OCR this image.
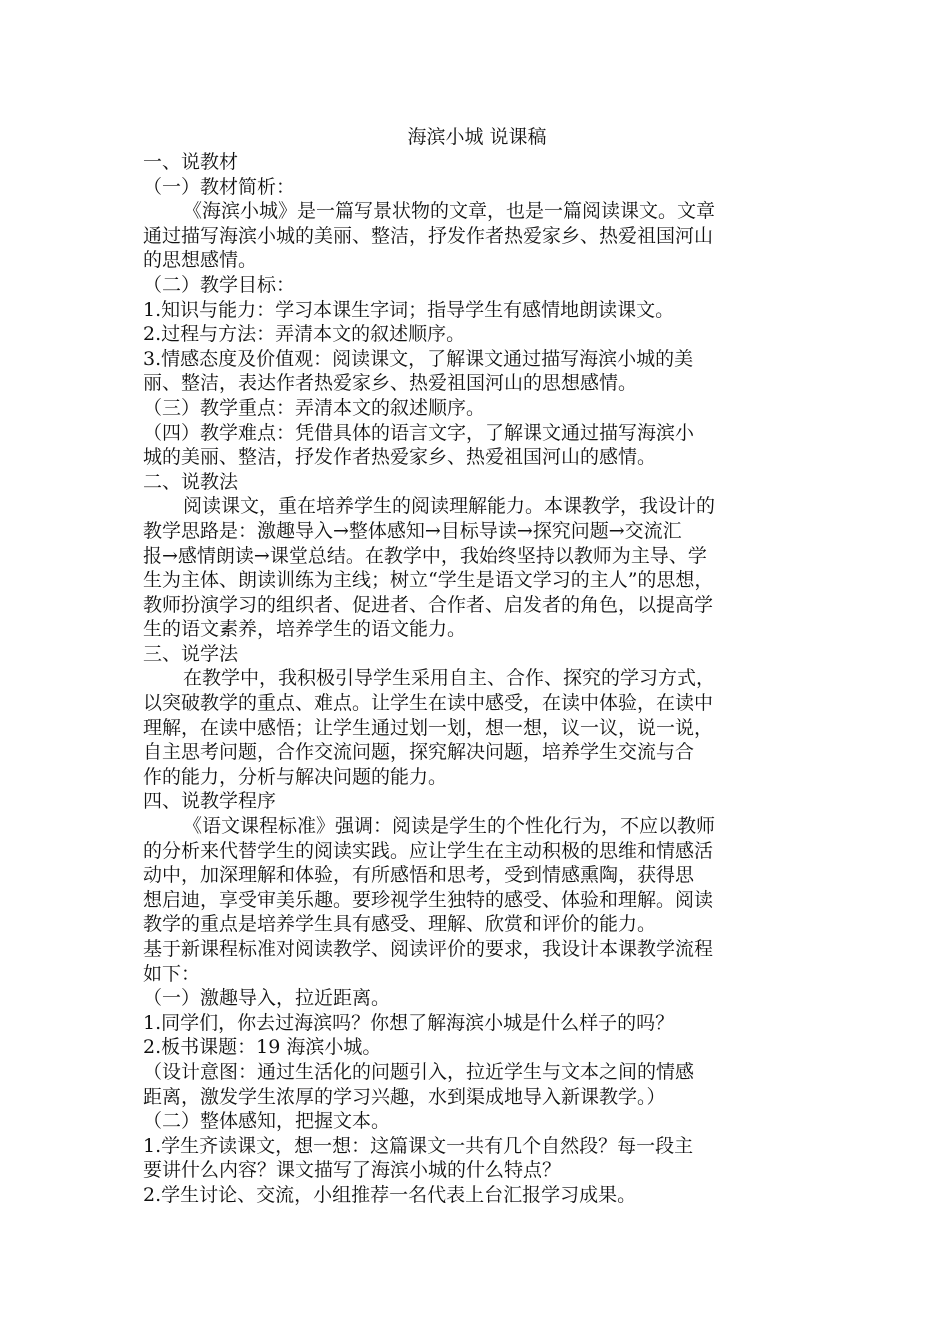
海滨小城 说课稿
一、说教材
（一）教材简析：
《海滨小城》是一篇写景状物的文章，也是一篇阅读课文。文章
通过描写海滨小城的美丽、整洁，抒发作者热爱家乡、热爱祖国河山
的思想感情。
（二）教学目标：
1.知识与能力：学习本课生字词；指导学生有感情地朗读课文。
2.过程与方法：弄清本文的叙述顺序。
3.情感态度及价值观：阅读课文，了解课文通过描写海滨小城的美
丽、整洁，表达作者热爱家乡、热爱祖国河山的思想感情。
（三）教学重点：弄清本文的叙述顺序。
（四）教学难点：凭借具体的语言文字，了解课文通过描写海滨小
城的美丽、整洁，抒发作者热爱家乡、热爱祖国河山的感情。
二、说教法
阅读课文，重在培养学生的阅读理解能力。本课教学，我设计的
教学思路是：激趣导入→整体感知→目标导读→探究问题→交流汇
报→感情朗读→课堂总结。在教学中，我始终坚持以教师为主导、学
生为主体、朗读训练为主线；树立“学生是语文学习的主人”的思想，
教师扮演学习的组织者、促进者、合作者、启发者的角色，以提高学
生的语文素养，培养学生的语文能力。
三、说学法
在教学中，我积极引导学生采用自主、合作、探究的学习方式，
以突破教学的重点、难点。让学生在读中感受，在读中体验，在读中
理解，在读中感悟；让学生通过划一划，想一想，议一议，说一说，
自主思考问题，合作交流问题，探究解决问题，培养学生交流与合
作的能力，分析与解决问题的能力。
四、说教学程序
《语文课程标准》强调：阅读是学生的个性化行为，不应以教师
的分析来代替学生的阅读实践。应让学生在主动积极的思维和情感活
动中，加深理解和体验，有所感悟和思考，受到情感熏陶，获得思
想启迪，享受审美乐趣。要珍视学生独特的感受、体验和理解。阅读
教学的重点是培养学生具有感受、理解、欣赏和评价的能力。
基于新课程标准对阅读教学、阅读评价的要求，我设计本课教学流程
如下：
（一）激趣导入，拉近距离。
1.同学们，你去过海滨吗？你想了解海滨小城是什么样子的吗？
2.板书课题：19 海滨小城。
（设计意图：通过生活化的问题引入，拉近学生与文本之间的情感
距离，激发学生浓厚的学习兴趣，水到渠成地导入新课教学。）
（二）整体感知，把握文本。
1.学生齐读课文，想一想：这篇课文一共有几个自然段？每一段主
要讲什么内容？课文描写了海滨小城的什么特点？
2.学生讨论、交流，小组推荐一名代表上台汇报学习成果。
